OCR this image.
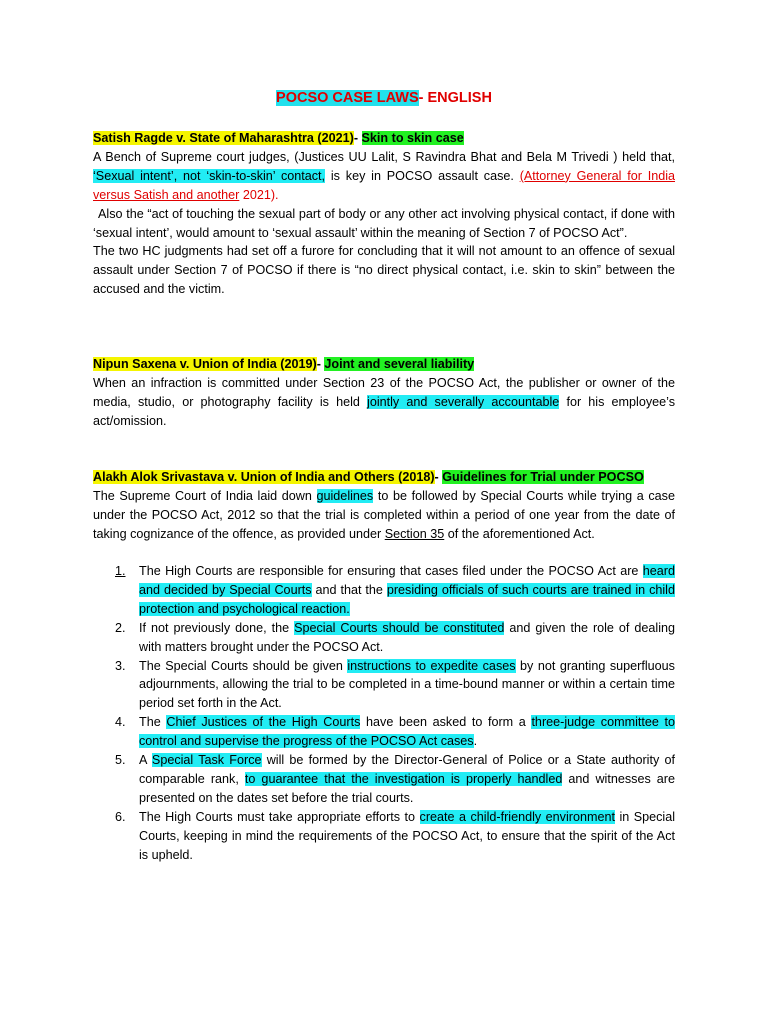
POCSO CASE LAWS- ENGLISH
Satish Ragde v. State of Maharashtra (2021)- Skin to skin case

A Bench of Supreme court judges, (Justices UU Lalit, S Ravindra Bhat and Bela M Trivedi ) held that, ‘Sexual intent’, not ‘skin-to-skin’ contact, is key in POCSO assault case. (Attorney General for India versus Satish and another 2021).

Also the “act of touching the sexual part of body or any other act involving physical contact, if done with ‘sexual intent’, would amount to ‘sexual assault’ within the meaning of Section 7 of POCSO Act”.

The two HC judgments had set off a furore for concluding that it will not amount to an offence of sexual assault under Section 7 of POCSO if there is “no direct physical contact, i.e. skin to skin” between the accused and the victim.

Nipun Saxena v. Union of India (2019)- Joint and several liability

When an infraction is committed under Section 23 of the POCSO Act, the publisher or owner of the media, studio, or photography facility is held jointly and severally accountable for his employee’s act/omission.

Alakh Alok Srivastava v. Union of India and Others (2018)- Guidelines for Trial under POCSO

The Supreme Court of India laid down guidelines to be followed by Special Courts while trying a case under the POCSO Act, 2012 so that the trial is completed within a period of one year from the date of taking cognizance of the offence, as provided under Section 35 of the aforementioned Act.

1. The High Courts are responsible for ensuring that cases filed under the POCSO Act are heard and decided by Special Courts and that the presiding officials of such courts are trained in child protection and psychological reaction.
2. If not previously done, the Special Courts should be constituted and given the role of dealing with matters brought under the POCSO Act.
3. The Special Courts should be given instructions to expedite cases by not granting superfluous adjournments, allowing the trial to be completed in a time-bound manner or within a certain time period set forth in the Act.
4. The Chief Justices of the High Courts have been asked to form a three-judge committee to control and supervise the progress of the POCSO Act cases.
5. A Special Task Force will be formed by the Director-General of Police or a State authority of comparable rank, to guarantee that the investigation is properly handled and witnesses are presented on the dates set before the trial courts.
6. The High Courts must take appropriate efforts to create a child-friendly environment in Special Courts, keeping in mind the requirements of the POCSO Act, to ensure that the spirit of the Act is upheld.
